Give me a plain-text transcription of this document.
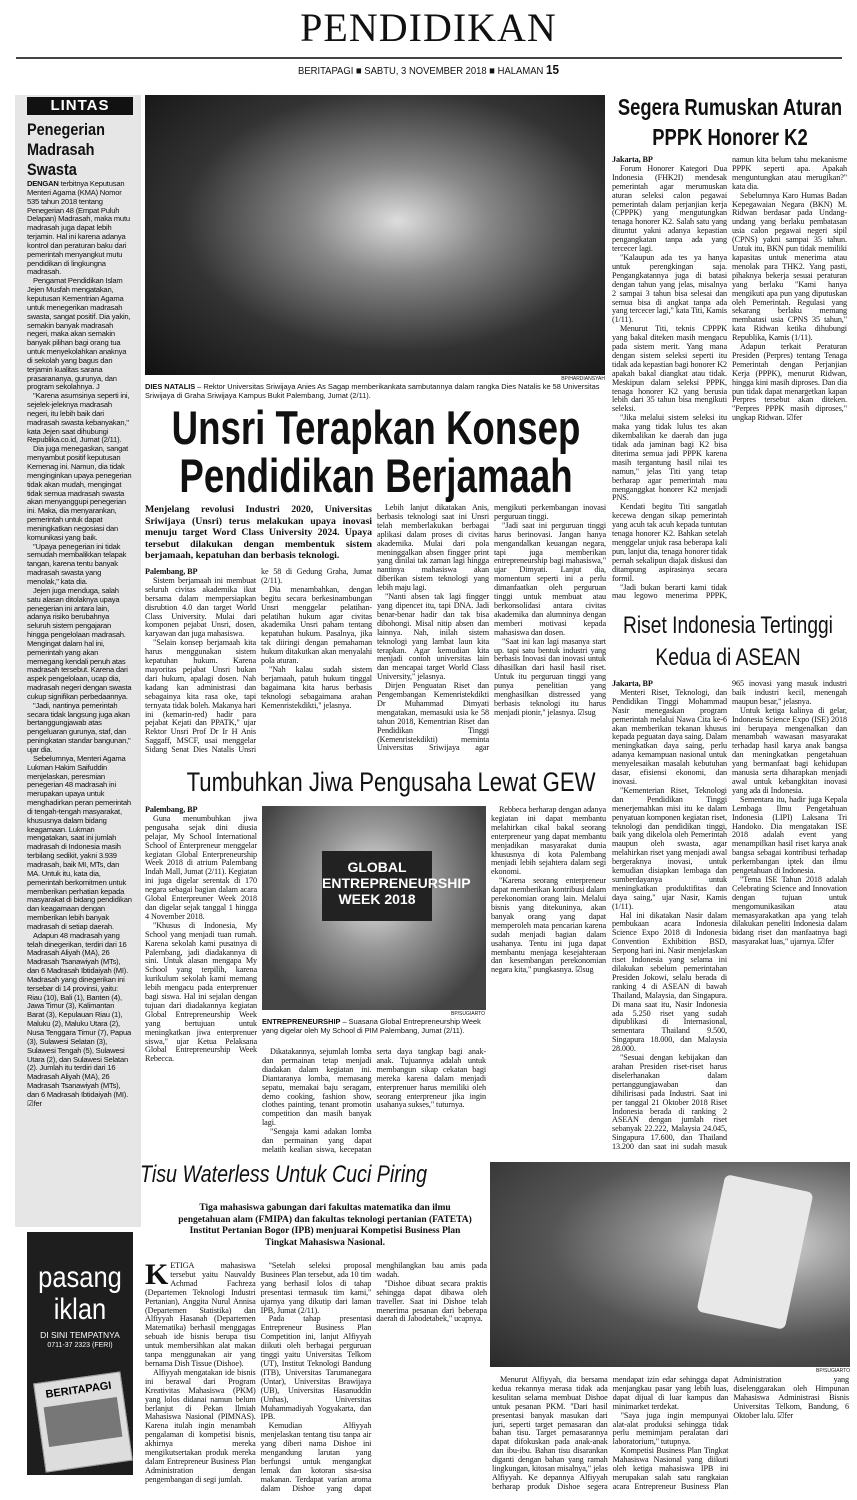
PENDIDIKAN
BERITAPAGI ■ SABTU, 3 NOVEMBER 2018 ■ HALAMAN 15
LINTAS
Penegerian Madrasah Swasta

DENGAN terbitnya Keputusan Menteri Agama (KMA) Nomor 535 tahun 2018 tentang Penegerian 48 (Empat Puluh Delapan) Madrasah, maka mutu madrasah juga dapat lebih terjamin. Hal ini karena adanya kontrol dan peraturan baku dari pemerintah menyangkut mutu pendidikan di lingkungna madrasah.

Pengamat Pendidikan Islam Jejen Musfah mengatakan, keputusan Kementrian Agama untuk menegerikan madrasah swasta, sangat positif. Dia yakin, semakin banyak madrasah negeri, maka akan semakin banyak pilihan bagi orang tua untuk menyekolahkan anaknya di sekolah yang bagus dan terjamin kualitas sarana prasarananya, gurunya, dan program sekolahnya. J

"Karena asumsinya seperti ini, sejelek-jeleknya madrasah negeri, itu lebih baik dari madrasah swasta kebanyakan," kata Jejen saat dihubungi Republika.co.id, Jumat (2/11).

Dia juga menegaskan, sangat menyambut positif keputusan Kemenag ini. Namun, dia tidak menginginkan upaya penegerian tidak akan mudah, mengingat tidak semua madrasah swasta akan menyanggupi penegerian ini. Maka, dia menyarankan, pemerintah untuk dapat meningkatkan negosiasi dan komunikasi yang baik.

"Upaya penegerian ini tidak semudah membalikkan telapak tangan, karena tentu banyak madrasah swasta yang menolak," kata dia.

Jejen juga menduga, salah satu alasan ditolaknya upaya penegerian ini antara lain, adanya risiko berubahnya seluruh sistem pengajaran hingga pengelolaan madrasah. Mengingat dalam hal ini, pemerintah yang akan memegang kendali penuh atas madrasah tersebut. Karena dari aspek pengelolaan, ucap dia, madrasah negeri dengan swasta cukup signifikan perbedaannya.

"Jadi, nantinya pemerintah secara tidak langsung juga akan bertanggungjawab atas pengeluaran gurunya, staf, dan peningkatan standar bangunan," ujar dia.

Sebelumnya, Menteri Agama Lukman Hakim Saifuddin menjelaskan, peresmian penegerian 48 madrasah ini merupakan upaya untuk menghadirkan peran pemerintah di tengah-tengah masyarakat, khususnya dalam bidang keagamaan. Lukman mengatakan, saat ini jumlah madrasah di Indonesia masih terbilang sedikit, yakni 3.939 madrasah, baik MI, MTs, dan MA. Untuk itu, kata dia, pemerintah berkomitmen untuk memberikan perhatian kepada masyarakat di bidang pendidikan dan keagamaan dengan memberikan lebih banyak madrasah di setiap daerah.

Adapun 48 madrasah yang telah dinegerikan, terdiri dari 16 Madrasah Aliyah (MA), 26 Madrasah Tsanawiyah (MTs), dan 6 Madrasah Ibtidaiyah (MI). Madrasah yang dinegerikan ini tersebar di 14 provinsi, yaitu: Riau (10), Bali (1), Banten (4), Jawa Timur (3), Kalimantan Barat (3), Kepulauan Riau (1), Maluku (2), Maluku Utara (2), Nusa Tenggara Timur (7), Papua (3), Sulawesi Selatan (3), Sulawesi Tengah (5), Sulawesi Utara (2), dan Sulawesi Selatan (2). Jumlah itu terdiri dari 16 Madrasah Aliyah (MA), 26 Madrasah Tsanawiyah (MTs), dan 6 Madrasah Ibtidaiyah (MI). ☑fer

pasang
iklan
DI SINI TEMPATNYA
0711-37 2323 (FERI)
BERITAPAGI
BP/HARDIANSYAH
DIES NATALIS – Rektor Universitas Sriwijaya Anies As Sagap memberikankata sambutannya dalam rangka Dies Natalis ke 58 Universitas Sriwijaya di Graha Sriwijaya Kampus Bukit Palembang, Jumat (2/11).
Unsri Terapkan Konsep Pendidikan Berjamaah
Menjelang revolusi Industri 2020, Universitas Sriwijaya (Unsri) terus melakukan upaya inovasi menuju target Word Class University 2024. Upaya tersebut dilakukan dengan membentuk sistem berjamaah, kepatuhan dan berbasis teknologi.

Palembang, BP

Sistem berjamaah ini membuat seluruh civitas akademika ikut bersama dalam mempersiapkan disrubtion 4.0 dan target World Class University. Mulai dari komponen pejabat Unsri, dosen, karyawan dan juga mahasiswa.

"Selain konsep berjamaah kita harus menggunakan sistem kepatuhan hukum. Karena mayoritas pejabat Unsri bukan dari hukum, apalagi dosen. Nah kadang kan administrasi dan sebagainya kita rasa oke, tapi ternyata tidak boleh. Makanya hari ini (kemarin-red) hadir para pejabat Kejati dan PPATK," ujar Rektor Unsri Prof Dr Ir H Anis Saggaff, MSCF, usai menggelar Sidang Senat Dies Natalis Unsri ke 58 di Gedung Graha, Jumat (2/11).

Dia menambahkan, dengan begitu secara berkesinambungan Unsri menggelar pelatihan-pelatihan hukum agar civitas akademika Unsri paham tentang kepatuhan hukum. Pasalnya, jika tak diiringi dengan pemahaman hukum ditakutkan akan menyalahi pola aturan.

"Nah kalau sudah sistem berjamaah, patuh hukum tinggal bagaimana kita harus berbasis teknologi sebagaimana arahan Kemenristekdikti," jelasnya.

Lebih lanjut dikatakan Anis, berbasis teknologi saat ini Unsri telah memberlakukan berbagai aplikasi dalam proses di civitas akademika. Mulai dari pola meninggalkan absen fingger print yang dinilai tak zaman lagi hingga nantinya mahasiswa akan diberikan sistem teknologi yang lebih maju lagi.

"Nanti absen tak lagi fingger yang dipencet itu, tapi DNA. Jadi benar-benar hadir dan tak bisa dibohongi. Misal nitip absen dan lainnya. Nah, inilah sistem teknologi yang lambat laun kita terapkan. Agar kemudian kita menjadi contoh universitas lain dan mencapai target World Class University," jelasnya.

Dirjen Penguatan Riset dan Pengembangan Kemenristekdikti Dr Muhammad Dimyati mengatakan, memasuki usia ke 58 tahun 2018, Kementrian Riset dan Pendidikan Tinggi (Kemenristekdikti) meminta Universitas Sriwijaya agar mengikuti perkembangan inovasi perguruan tinggi.

"Jadi saat ini perguruan tinggi harus berinovasi. Jangan hanya mengandalkan keuangan negara, tapi juga memberikan entrepreneurship bagi mahasiswa," ujar Dimyati. Lanjut dia, momentum seperti ini a perlu dimanfaatkan oleh perguruan tinggi untuk membuat atau berkonsolidasi antara civitas akademika dan alumninya dengan memberi motivasi kepada mahasiswa dan dosen.

"Saat ini kan lagi masanya start up. tapi satu bentuk industri yang berbasis Inovasi dan inovasi untuk dihasilkan dari hasil hasil riset. Untuk itu perguruan tinggi yang punya penelitian yang menghasilkan distressed yang berbasis teknologi itu harus menjadi pionir," jelasnya. ☑sug

Tumbuhkan Jiwa Pengusaha Lewat GEW

Palembang, BP

Guna menumbuhkan jiwa pengusaha sejak dini diusia pelajar, My School International School of Enterpreneur menggelar kegiatan Global Enterpreneurship Week 2018 di atrium Palembang Indah Mall, Jumat (2/11). Kegiatan ini juga digelar serentak di 170 negara sebagai bagian dalam acara Global Enterpreuner Week 2018 dan digelar sejak tanggal 1 hingga 4 November 2018.

"Khusus di Indonesia, My School yang menjadi tuan rumah. Karena sekolah kami pusatnya di Palembang, jadi diadakannya di sini. Untuk alasan mengapa My School yang terpilih, karena kurikulum sekolah kami memang lebih mengacu pada enterprenuer bagi siswa. Hal ini sejalan dengan tujuan dari diadakannya kegiatan Global Entrepreneurship Week yang bertujuan untuk meningkatkan jiwa enterprenuer siswa," ujar Ketua Pelaksana Global Entrepreneurship Week Rebecca.

GLOBAL ENTREPRENEURSHIP WEEK 2018
BP/SUGIARTO
ENTREPRENEURSHIP – Suasana Global Entrepreneurship Week yang digelar oleh My School di PIM Palembang, Jumat (2/11).

Dikatakannya, sejumlah lomba dan permainan tetap menjadi diadakan dalam kegiatan ini. Diantaranya lomba, memasang sepatu, memakai baju seragam, demo cooking, fashion show, clothes painting, tenant promotin competition dan masih banyak lagi.

"Sengaja kami adakan lomba dan permainan yang dapat melatih kealian siswa, kecepatan serta daya tangkap bagi anak-anak. Tujuannya adalah untuk membangun sikap cekatan bagi mereka karena dalam menjadi enterprenuer harus memiliki oleh seorang enterpreneur jika ingin usahanya sukses," tuturnya.

Rebbeca berharap dengan adanya kegiatan ini dapat membantu melahirkan cikal bakal seorang enterpreneur yang dapat membantu menjadikan masyarakat dunia khususnya di kota Palembang menjadi lebih sejahtera dalam segi ekonomi.

"Karena seorang enterpreneur dapat memberikan kontribusi dalam perekonomian orang lain. Melalui bisnis yang ditekuninya, akan banyak orang yang dapat memperoleh mata pencarian karena sudah menjadi bagian dalam usahanya. Tentu ini juga dapat membantu menjaga kesejahteraan dan kesembangan perekonomian negara kita," pungkasnya. ☑sug

Segera Rumuskan Aturan PPPK Honorer K2

Jakarta, BP

Forum Honorer Kategori Dua Indonesia (FHK2I) mendesak pemerintah agar merumuskan aturan seleksi calon pegawai pemerintah dalam perjanjian kerja (CPPPK) yang mengutungkan tenaga honorer K2. Salah satu yang dituntut yakni adanya kepastian pengangkatan tanpa ada yang tercecer lagi.

"Kalaupun ada tes ya hanya untuk perengkingan saja. Pengangkatannya juga di batasi dengan tahun yang jelas, misalnya 2 sampai 3 tahun bisa selesai dan semua bisa di angkat tanpa ada yang tercecer lagi," kata Titi, Kamis (1/11).

Menurut Titi, teknis CPPPK yang bakal diteken masih mengacu pada sistem merit. Yang mana dengan sistem seleksi seperti itu tidak ada kepastian bagi honorer K2 apakah bakal diangkat atau tidak. Meskipun dalam seleksi PPPK, tenaga honorer K2 yang berusia lebih dari 35 tahun bisa mengikuti seleksi.

"Jika melalui sistem seleksi itu maka yang tidak lulus tes akan dikembalikan ke daerah dan juga tidak ada jaminan bagi K2 bisa diterima semua jadi PPPK karena masih tergantung hasil nilai tes namun," jelas Titi yang tetap berharap agar pemerintah mau menganggkat honorer K2 menjadi PNS.

Kendati begitu Titi sangatlah kecewa dengan sikap pemerintah yang acuh tak acuh kepada tuntutan tenaga honorer K2. Bahkan setelah menggelar unjuk rasa beberapa kali pun, lanjut dia, tenaga honorer tidak pernah sekalipun diajak diskusi dan ditampung aspirasinya secara formil.

"Jadi bukan berarti kami tidak mau legowo menerima PPPK, namun kita belum tahu mekanisme PPPK seperti apa. Apakah menguntungkan atau merugikan?" kata dia.

Sebelumnya Karo Humas Badan Kepegawaian Negara (BKN) M. Ridwan berdasar pada Undang-undang yang berlaku pembatasan usia calon pegawai negeri sipil (CPNS) yakni sampai 35 tahun. Untuk itu, BKN pun tidak memiliki kapasitas untuk menerima atau menolak para THK2. Yang pasti, pihaknya bekerja sesuai peraturan yang berlaku "Kami hanya mengikuti apa pun yang diputuskan oleh Pemerintah. Regulasi yang sekarang berlaku memang membatasi usia CPNS 35 tahun," kata Ridwan ketika dihubungi Republika, Kamis (1/11).

Adapun terkait Peraturan Presiden (Perpres) tentang Tenaga Pemerintah dengan Perjanjian Kerja (PPPK), menurut Ridwan, hingga kini masih diproses. Dan dia pun tidak dapat menargetkan kapan Perpres tersebut akan diteken. "Perpres PPPK masih diproses," ungkap Ridwan. ☑fer

Riset Indonesia Tertinggi Kedua di ASEAN

Jakarta, BP

Menteri Riset, Teknologi, dan Pendidikan Tinggi Mohammad Nasir menegaskan program pemerintah melalui Nawa Cita ke-6 akan memberikan tekanan khusus kepada peguatan daya saing. Dalam meningkatkan daya saing, perlu adanya kemampuan nasional untuk menyelesaikan masalah kebutuhan dasar, efisiensi ekonomi, dan inovasi.

"Kementerian Riset, Teknologi dan Pendidikan Tinggi menerjemahkan misi itu ke dalam penyatuan komponen kegiatan riset, teknologi dan pendidikan tinggi, baik yang dikelola oleh Pemerintah maupun oleh swasta, agar melahirkan riset yang menjadi awal bergeraknya inovasi, untuk kemudian disiapkan lembaga dan sumberdayanya untuk meningkatkan produktifitas dan daya saing," ujar Nasir, Kamis (1/11).

Hal ini dikatakan Nasir dalam pembukaan acara Indonesia Science Expo 2018 di Indonesia Convention Exhibition BSD, Serpong hari ini. Nasir menjelaskan riset Indonesia yang selama ini dilakukan sebelum pemerintahan Presiden Jokowi, selalu berada di ranking 4 di ASEAN di bawah Thailand, Malaysia, dan Singapura. Di mana saat itu, Nasir Indonesia ada 5.250 riset yang sudah dipublikasi di Internasional, sementara Thailand 9.500, Singapura 18.000, dan Malaysia 28.000.

"Sesuai dengan kebijakan dan arahan Presiden riset-riset harus diselerhanakan dalam pertanggungjawaban dan dihilirisasi pada Industri. Saat ini per tanggal 21 Oktober 2018 Riset Indonesia berada di ranking 2 ASEAN dengan jumlah riset sebanyak 22.222, Malaysia 24.045, Singapura 17.600, dan Thailand 13.200 dan saat ini sudah masuk 965 inovasi yang masuk industri baik industri kecil, menengah maupun besar," jelasnya.

Untuk ketiga kalinya di gelar, Indonesia Science Expo (ISE) 2018 ini berupaya mengenalkan dan menambah wawasan masyarakat terhadap hasil karya anak bangsa dan meningkatkan pengetahuan yang bermanfaat bagi kehidupan manusia serta diharapkan menjadi awal untuk kebangkitan inovasi yang ada di Indonesia.

Sementara itu, hadir juga Kepala Lembaga Ilmu Pengetahuan Indonesia (LIPI) Laksana Tri Handoko. Dia mengatakan ISE 2018 adalah event yang menampilkan hasil riset karya anak bangsa sebagai kontribusi terhadap perkembangan iptek dan ilmu pengetahuan di Indonesia.

"Tema ISE Tahun 2018 adalah Celebrating Science and Innovation dengan tujuan untuk mengomunikasikan atau memasyarakatkan apa yang telah dilakukan peneliti Indonesia dalam bidang riset dan manfaatnya bagi masyarakat luas," ujarnya. ☑fer

Tisu Waterless Untuk Cuci Piring
Tiga mahasiswa gabungan dari fakultas matematika dan ilmu pengetahuan alam (FMIPA) dan fakultas teknologi pertanian (FATETA) Institut Pertanian Bogor (IPB) menjuarai Kompetisi Business Plan Tingkat Mahasiswa Nasional.

KETIGA mahasiswa tersebut yaitu Nauvaldy Achmad Fachreza (Departemen Teknologi Industri Pertanian), Anggita Nurul Annisa (Departemen Statistika) dan Alfiyyah Hasanah (Departemen Matematika) berhasil menggagas sebuah ide bisnis berupa tisu untuk membersihkan alat makan tanpa menggunakan air yang bernama Dish Tissue (Dishoe).

Alfiyyah mengatakan ide bisnis ini berawal dari Program Kreativitas Mahasiswa (PKM) yang lolos didanai namun belum berlanjut di Pekan Ilmiah Mahasiswa Nasional (PIMNAS). Karena itulah ingin menambah pengalaman di kompetisi bisnis, akhirnya mereka mengikutsertakan produk mereka dalam Entrepreneur Business Plan Administration dengan pengembangan di segi jumlah.

"Setelah seleksi proposal Businees Plan tersebut, ada 10 tim yang berhasil lolos di tahap presentasi termasuk tim kami," ujarnya yang dikutip dari laman IPB, Jumat (2/11).

Pada tahap presentasi Entrepreneur Business Plan Competition ini, lanjut Alfiyyah diikuti oleh berbagai perguruan tinggi yaitu Universitas Telkom (UT), Institut Teknologi Bandung (ITB), Universitas Tarumanegara (Untar), Universitas Brawijaya (UB), Universitas Hasanuddin (Unhas), Universitas Muhammadiyah Yogyakarta, dan IPB.

Kemudian Alfiyyah menjelaskan tentang tisu tanpa air yang diberi nama Dishoe ini mengandung larutan yang berfungsi untuk mengangkat lemak dan kotoran sisa-sisa makanan. Terdapat varian aroma dalam Dishoe yang dapat menghilangkan bau amis pada wadah.

"Dishoe dibuat secara praktis sehingga dapat dibawa oleh traveller. Saat ini Dishoe telah menerima pesanan dari beberapa daerah di Jabodetabek," ucapnya.

BP/SUGIARTO

Menurut Alfiyyah, dia bersama kedua rekannya merasa tidak ada kesulitan selama membuat Dishoe untuk pesanan PKM. "Dari hasil presentasi banyak masukan dari juri, seperti target pemasaran dan bahan tisu. Target pemasarannya dapat difokuskan pada anak-anak dan ibu-ibu. Bahan tisu disarankan diganti dengan bahan yang ramah lingkungan, kitosan misalnya," jelas Alfiyyah. Ke depannya Alfiyyah berharap produk Dishoe segera mendapat izin edar sehingga dapat menjangkau pasar yang lebih luas, dapat dijual di luar kampus dan minimarket terdekat.

"Saya juga ingin mempunyai alat-alat produksi sehingga tidak perlu memimjam peralatan dari laboratorium," tutupnya.

Kompetisi Business Plan Tingkat Mahasiswa Nasional yang diikuti oleh ketiga mahasiswa IPB ini merupakan salah satu rangkaian acara Entrepreneur Business Plan Administration yang diselenggarakan oleh Himpunan Mahasiswa Administrasi Bisnis Universitas Telkom, Bandung, 6 Oktober lalu. ☑fer
